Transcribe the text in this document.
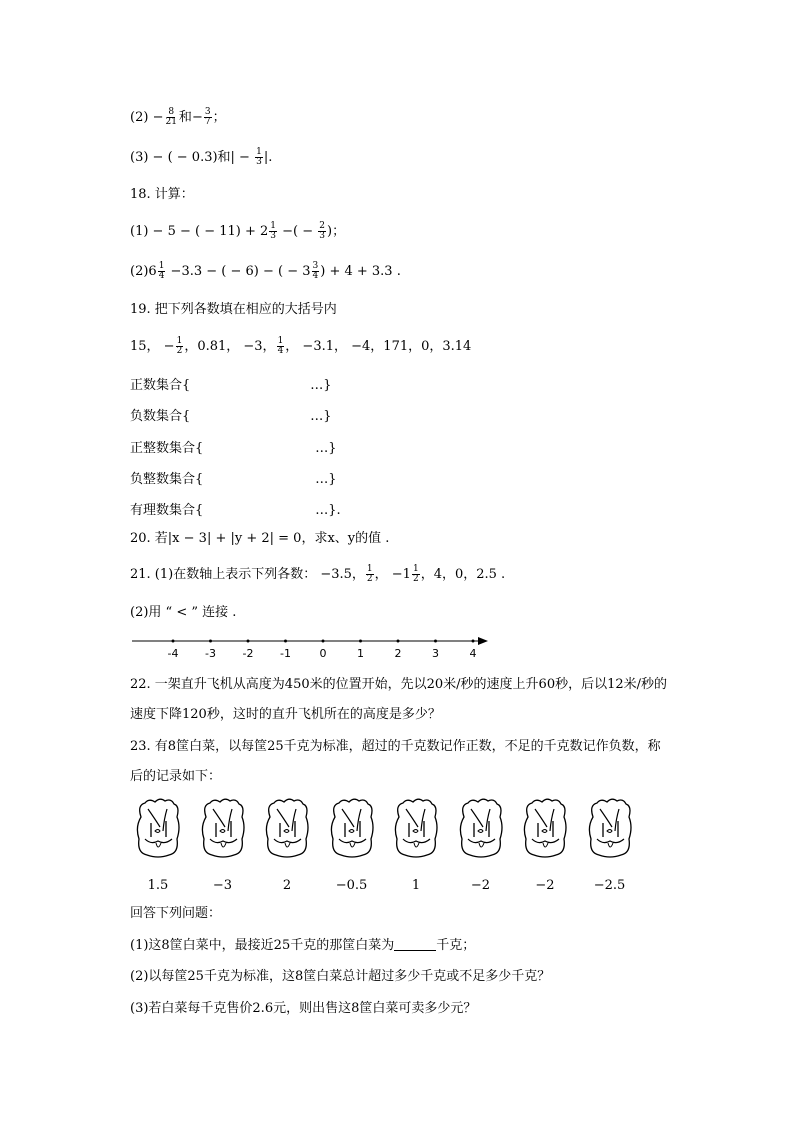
$(2) - \frac{8}{21}$ 和− $\frac{3}{7}$ ；
(3) − ( − 0.3)和| − $\frac{1}{3}$ |.
18. 计算：
(1) − 5 − ( − $11) + 2 \frac{1}{3}$ −( − $\frac{2}{3}$ )；
$(2)6 \frac{1}{4} -3.3$ − ( − 6) − ( − $3 \frac{3}{4}$ ) + 4 + 3.3 .
19. 把下列各数填在相应的大括号内
15， − $\frac{1}{2}$ ，0.81， −3， $\frac{1}{4}$ ， −3.1， −4，171，0，3.14
正数集合{	…}
负数集合{	…}
正整数集合{	…}
负整数集合{	…}
有理数集合{	…}.
20. 若|x − 3| + |y + 2| = 0，求x、y的值 .
21. (1)在数轴上表示下列各数： −3.5， $\frac{1}{2}$ ， $-1 \frac{1}{2}$ ，4，0，2.5 .
(2)用 “ < ” 连接 .
-4 -3 -2 -1	0	1	2	3	4
22. 一架直升飞机从高度为450米的位置开始，先以20米/秒的速度上升60秒，后以12米/秒的
速度下降120秒，这时的直升飞机所在的高度是多少？
23. 有8筐白菜，以每筐25千克为标准，超过的千克数记作正数，不足的千克数记作负数，称
后的记录如下：
1.5	−3	2	−0.5	1	−2	−2	−2.5
回答下列问题：
(1)这8筐白菜中，最接近25千克的那筐白菜为	千克；
(2)以每筐25千克为标准，这8筐白菜总计超过多少千克或不足多少千克？
(3)若白菜每千克售价2.6元，则出售这8筐白菜可卖多少元？
